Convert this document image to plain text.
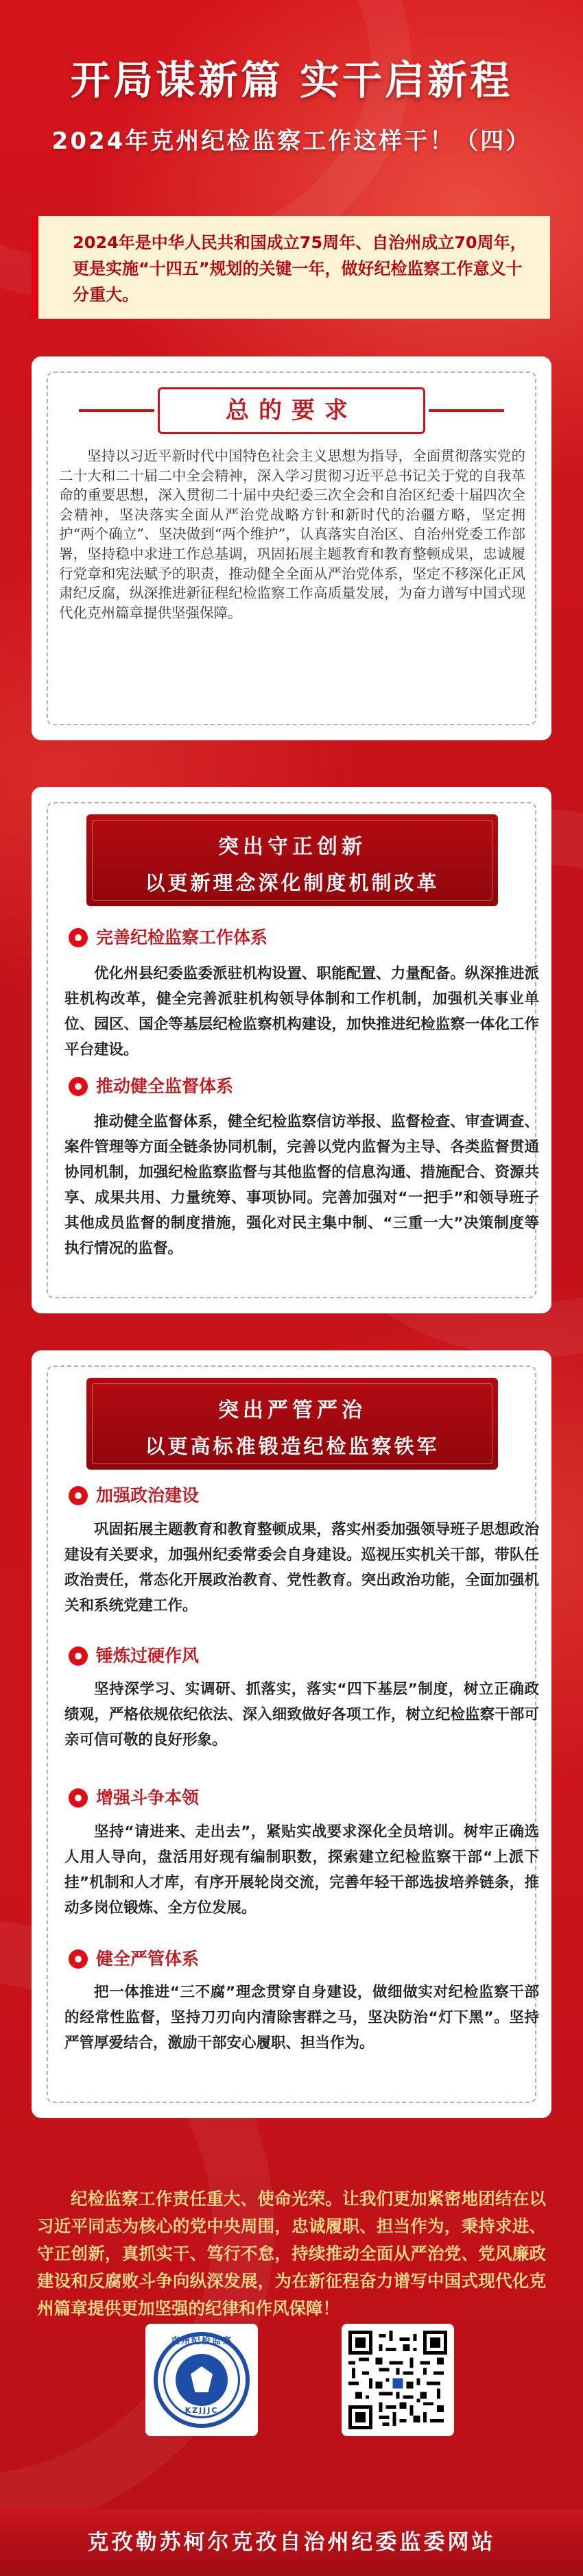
开局谋新篇 实干启新程
2024年克州纪检监察工作这样干！（四）
2024年是中华人民共和国成立75周年、自治州成立70周年，更是实施“十四五”规划的关键一年，做好纪检监察工作意义十分重大。
总的要求
坚持以习近平新时代中国特色社会主义思想为指导，全面贯彻落实党的二十大和二十届二中全会精神，深入学习贯彻习近平总书记关于党的自我革命的重要思想，深入贯彻二十届中央纪委三次全会和自治区纪委十届四次全会精神，坚决落实全面从严治党战略方针和新时代的治疆方略，坚定拥护“两个确立”、坚决做到“两个维护”，认真落实自治区、自治州党委工作部署，坚持稳中求进工作总基调，巩固拓展主题教育和教育整顿成果，忠诚履行党章和宪法赋予的职责，推动健全全面从严治党体系，坚定不移深化正风肃纪反腐，纵深推进新征程纪检监察工作高质量发展，为奋力谱写中国式现代化克州篇章提供坚强保障。
突出守正创新
以更新理念深化制度机制改革
完善纪检监察工作体系
优化州县纪委监委派驻机构设置、职能配置、力量配备。纵深推进派驻机构改革，健全完善派驻机构领导体制和工作机制，加强机关事业单位、园区、国企等基层纪检监察机构建设，加快推进纪检监察一体化工作平台建设。
推动健全监督体系
推动健全监督体系，健全纪检监察信访举报、监督检查、审查调查、案件管理等方面全链条协同机制，完善以党内监督为主导、各类监督贯通协同机制，加强纪检监察监督与其他监督的信息沟通、措施配合、资源共享、成果共用、力量统筹、事项协同。完善加强对“一把手”和领导班子其他成员监督的制度措施，强化对民主集中制、“三重一大”决策制度等执行情况的监督。
突出严管严治
以更高标准锻造纪检监察铁军
加强政治建设
巩固拓展主题教育和教育整顿成果，落实州委加强领导班子思想政治建设有关要求，加强州纪委常委会自身建设。巡视压实机关干部，带队任政治责任，常态化开展政治教育、党性教育。突出政治功能，全面加强机关和系统党建工作。
锤炼过硬作风
坚持深学习、实调研、抓落实，落实“四下基层”制度，树立正确政绩观，严格依规依纪依法、深入细致做好各项工作，树立纪检监察干部可亲可信可敬的良好形象。
增强斗争本领
坚持“请进来、走出去”，紧贴实战要求深化全员培训。树牢正确选人用人导向，盘活用好现有编制职数，探索建立纪检监察干部“上派下挂”机制和人才库，有序开展轮岗交流，完善年轻干部选拔培养链条，推动多岗位锻炼、全方位发展。
健全严管体系
把一体推进“三不腐”理念贯穿自身建设，做细做实对纪检监察干部的经常性监督，坚持刀刃向内清除害群之马，坚决防治“灯下黑”。坚持严管厚爱结合，激励干部安心履职、担当作为。
纪检监察工作责任重大、使命光荣。让我们更加紧密地团结在以习近平同志为核心的党中央周围，忠诚履职、担当作为，秉持求进、守正创新，真抓实干、笃行不怠，持续推动全面从严治党、党风廉政建设和反腐败斗争向纵深发展，为在新征程奋力谱写中国式现代化克州篇章提供更加坚强的纪律和作风保障！
克州纪检监察
KZJJJC
克孜勒苏柯尔克孜自治州纪委监委网站
